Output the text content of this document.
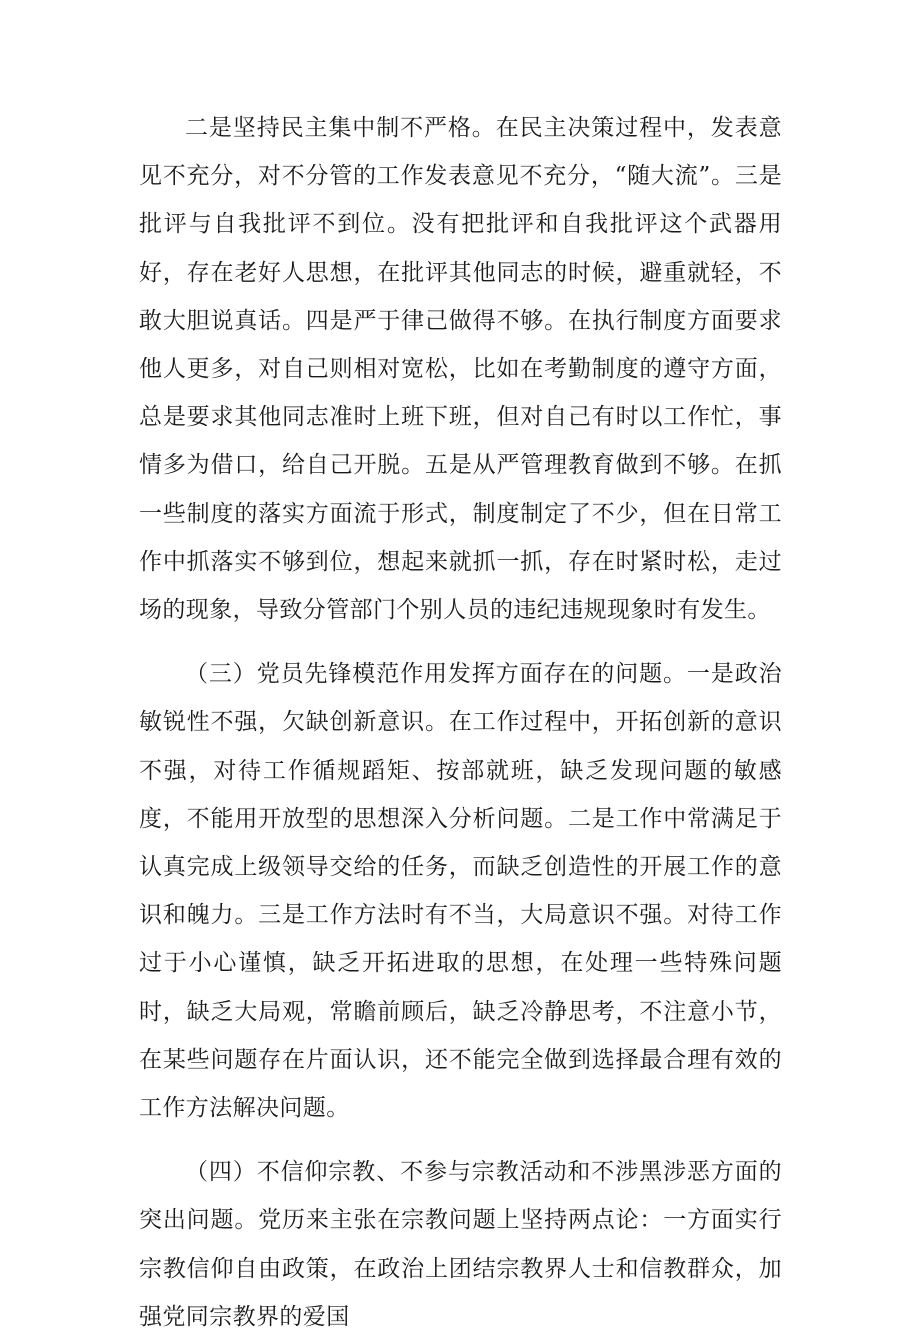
二是坚持民主集中制不严格。在民主决策过程中，发表意见不充分，对不分管的工作发表意见不充分，“随大流”。三是批评与自我批评不到位。没有把批评和自我批评这个武器用好，存在老好人思想，在批评其他同志的时候，避重就轻，不敢大胆说真话。四是严于律己做得不够。在执行制度方面要求他人更多，对自己则相对宽松，比如在考勤制度的遵守方面，总是要求其他同志准时上班下班，但对自己有时以工作忙，事情多为借口，给自己开脱。五是从严管理教育做到不够。在抓一些制度的落实方面流于形式，制度制定了不少，但在日常工作中抓落实不够到位，想起来就抓一抓，存在时紧时松，走过场的现象，导致分管部门个别人员的违纪违规现象时有发生。

（三）党员先锋模范作用发挥方面存在的问题。一是政治敏锐性不强，欠缺创新意识。在工作过程中，开拓创新的意识不强，对待工作循规蹈矩、按部就班，缺乏发现问题的敏感度，不能用开放型的思想深入分析问题。二是工作中常满足于认真完成上级领导交给的任务，而缺乏创造性的开展工作的意识和魄力。三是工作方法时有不当，大局意识不强。对待工作过于小心谨慎，缺乏开拓进取的思想，在处理一些特殊问题时，缺乏大局观，常瞻前顾后，缺乏冷静思考，不注意小节，在某些问题存在片面认识，还不能完全做到选择最合理有效的工作方法解决问题。

（四）不信仰宗教、不参与宗教活动和不涉黑涉恶方面的突出问题。党历来主张在宗教问题上坚持两点论：一方面实行宗教信仰自由政策，在政治上团结宗教界人士和信教群众，加强党同宗教界的爱国
